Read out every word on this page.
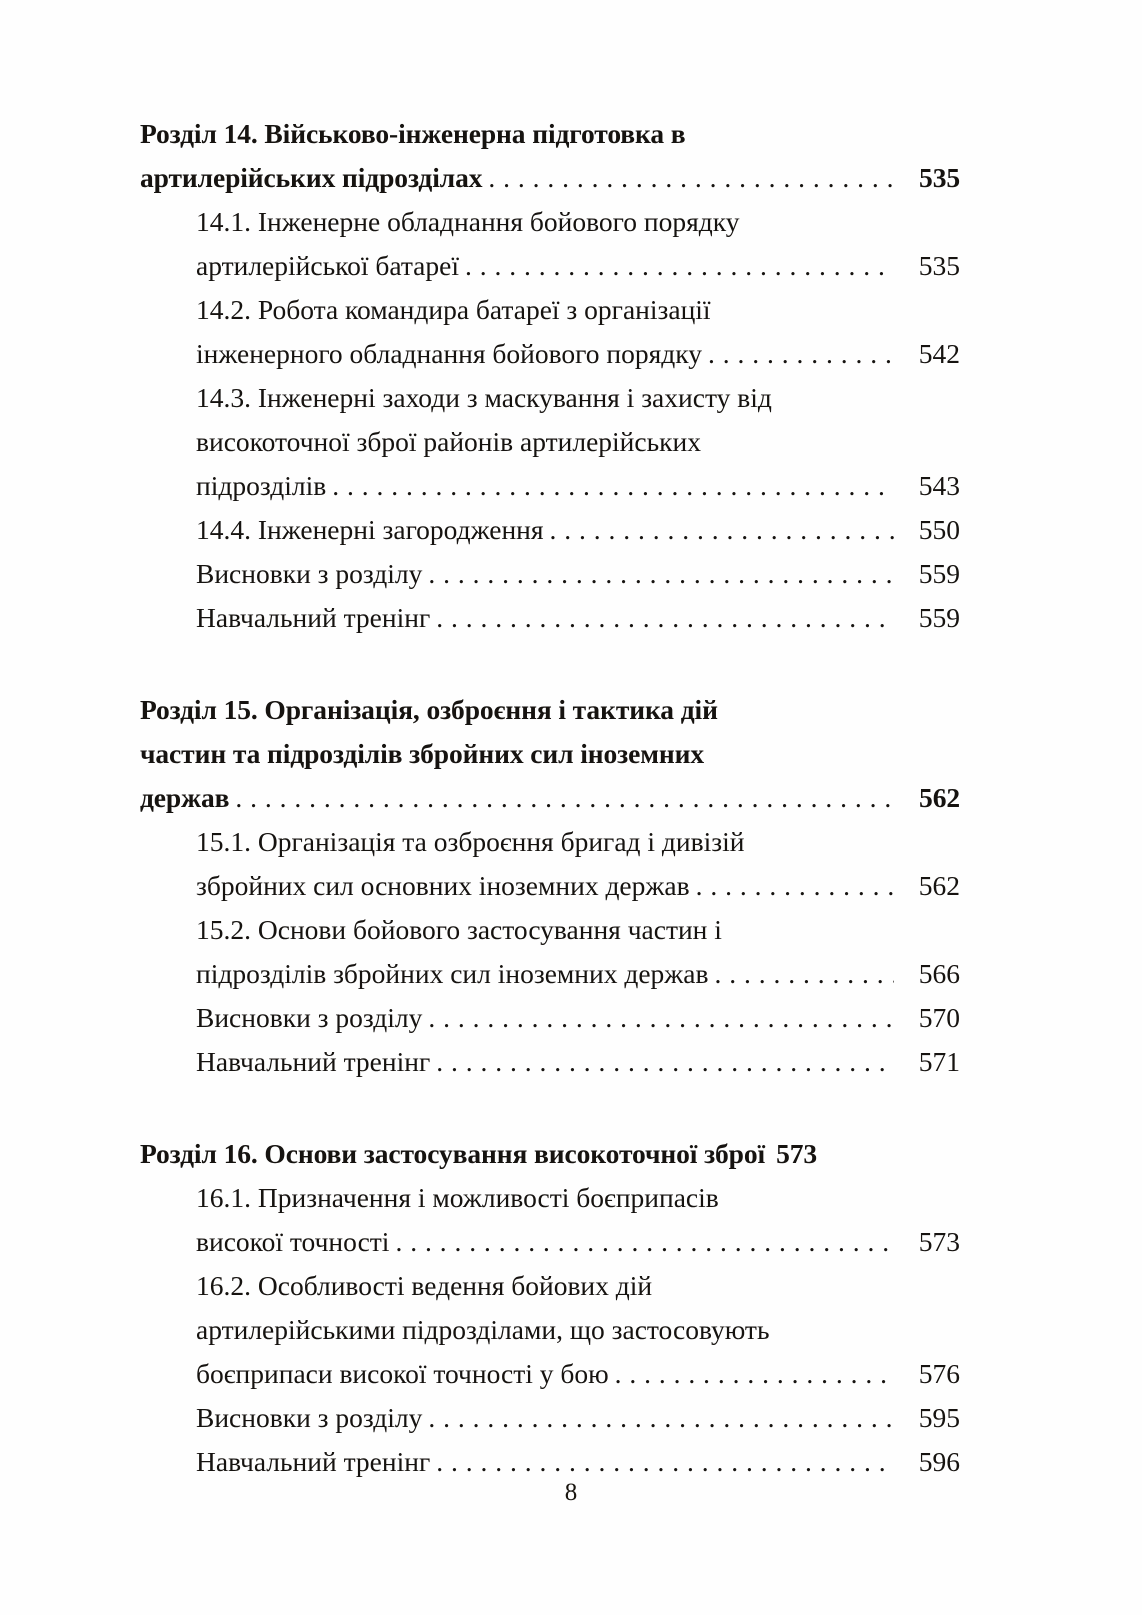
Розділ 14. Військово-інженерна підготовка в
артилерійських підрозділах . . .	535
14.1. Інженерне обладнання бойового порядку
артилерійської батареї . . .	535
14.2. Робота командира батареї з організації
інженерного обладнання бойового порядку . . .	542
14.3. Інженерні заходи з маскування і захисту від
високоточної зброї районів артилерійських
підрозділів . . .	543
14.4. Інженерні загородження . . .	550
Висновки з розділу . . .	559
Навчальний тренінг . . .	559
Розділ 15. Організація, озброєння і тактика дій
частин та підрозділів збройних сил іноземних
держав . . .	562
15.1. Організація та озброєння бригад і дивізій
збройних сил основних іноземних держав . . .	562
15.2. Основи бойового застосування частин і
підрозділів збройних сил іноземних держав . . .	566
Висновки з розділу . . .	570
Навчальний тренінг . . .	571
Розділ 16. Основи застосування високоточної зброї 573
16.1. Призначення і можливості боєприпасів
високої точності . . .	573
16.2. Особливості ведення бойових дій
артилерійськими підрозділами, що застосовують
боєприпаси високої точності у бою . . .	576
Висновки з розділу . . .	595
Навчальний тренінг . . .	596
8
